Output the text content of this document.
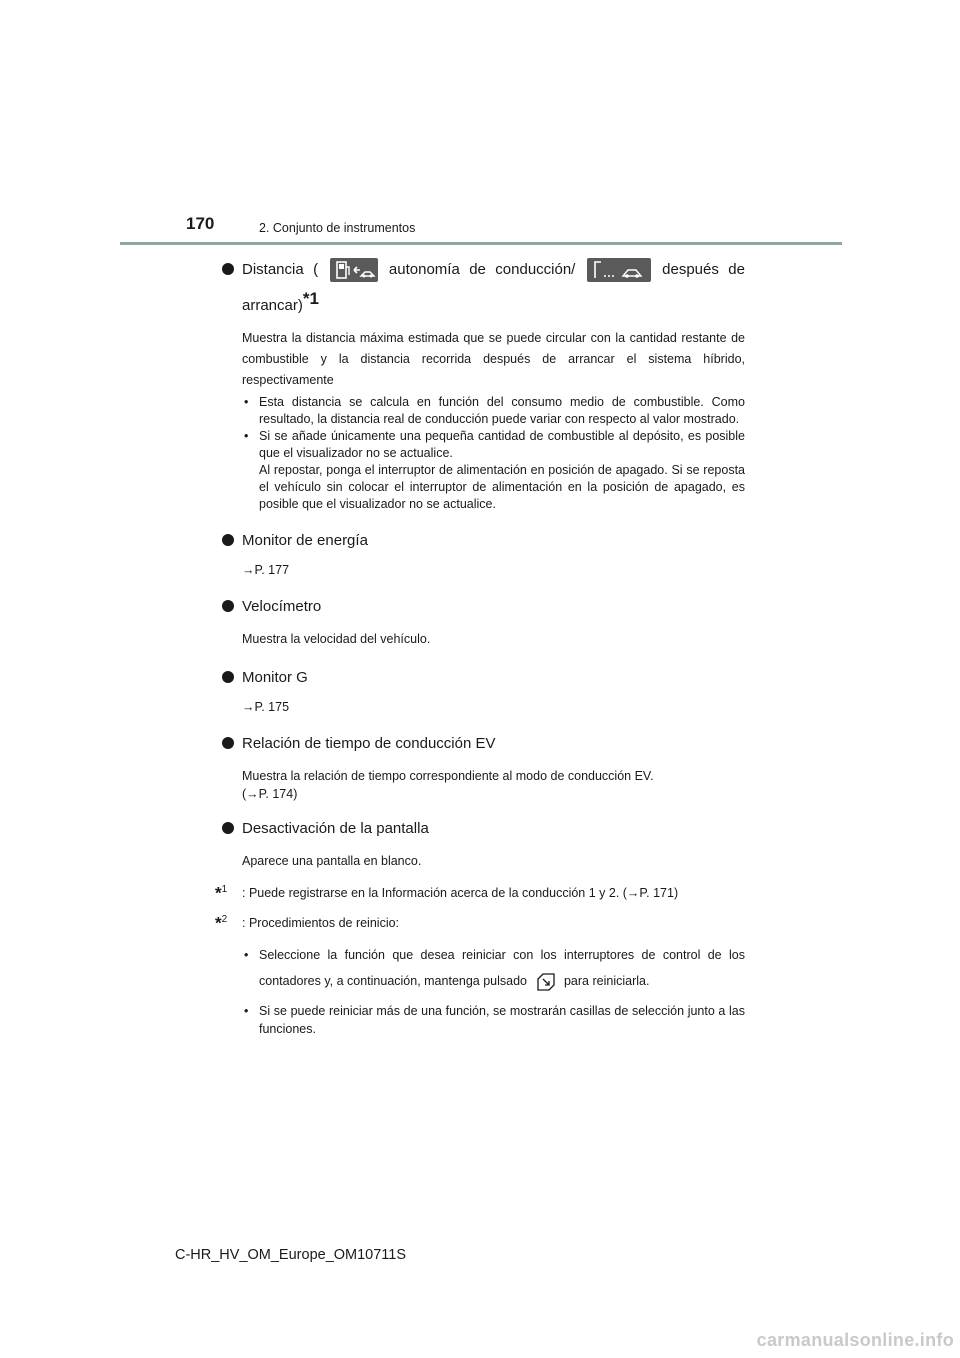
170	2. Conjunto de instrumentos
Distancia (	autonomía de conducción/	después de
arrancar)$^{*1}$
Muestra la distancia máxima estimada que se puede circular con la cantidad restante de combustible y la distancia recorrida después de arrancar el sistema híbrido, respectivamente
• Esta distancia se calcula en función del consumo medio de combustible. Como resultado, la distancia real de conducción puede variar con respecto al valor mostrado.
• Si se añade únicamente una pequeña cantidad de combustible al depósito, es posible que el visualizador no se actualice.
Al repostar, ponga el interruptor de alimentación en posición de apagado. Si se reposta el vehículo sin colocar el interruptor de alimentación en la posición de apagado, es posible que el visualizador no se actualice.
Monitor de energía
→P. 177
Velocímetro
Muestra la velocidad del vehículo.
Monitor G
→P. 175
Relación de tiempo de conducción EV
Muestra la relación de tiempo correspondiente al modo de conducción EV.
(→P. 174)
Desactivación de la pantalla
Aparece una pantalla en blanco.
*$^1$ : Puede registrarse en la Información acerca de la conducción 1 y 2. (→P. 171)
*$^2$ : Procedimientos de reinicio:
• Seleccione la función que desea reiniciar con los interruptores de control de los contadores y, a continuación, mantenga pulsado	para reiniciarla.
• Si se puede reiniciar más de una función, se mostrarán casillas de selección junto a las funciones.
C-HR_HV_OM_Europe_OM10711S
carmanualsonline.info
